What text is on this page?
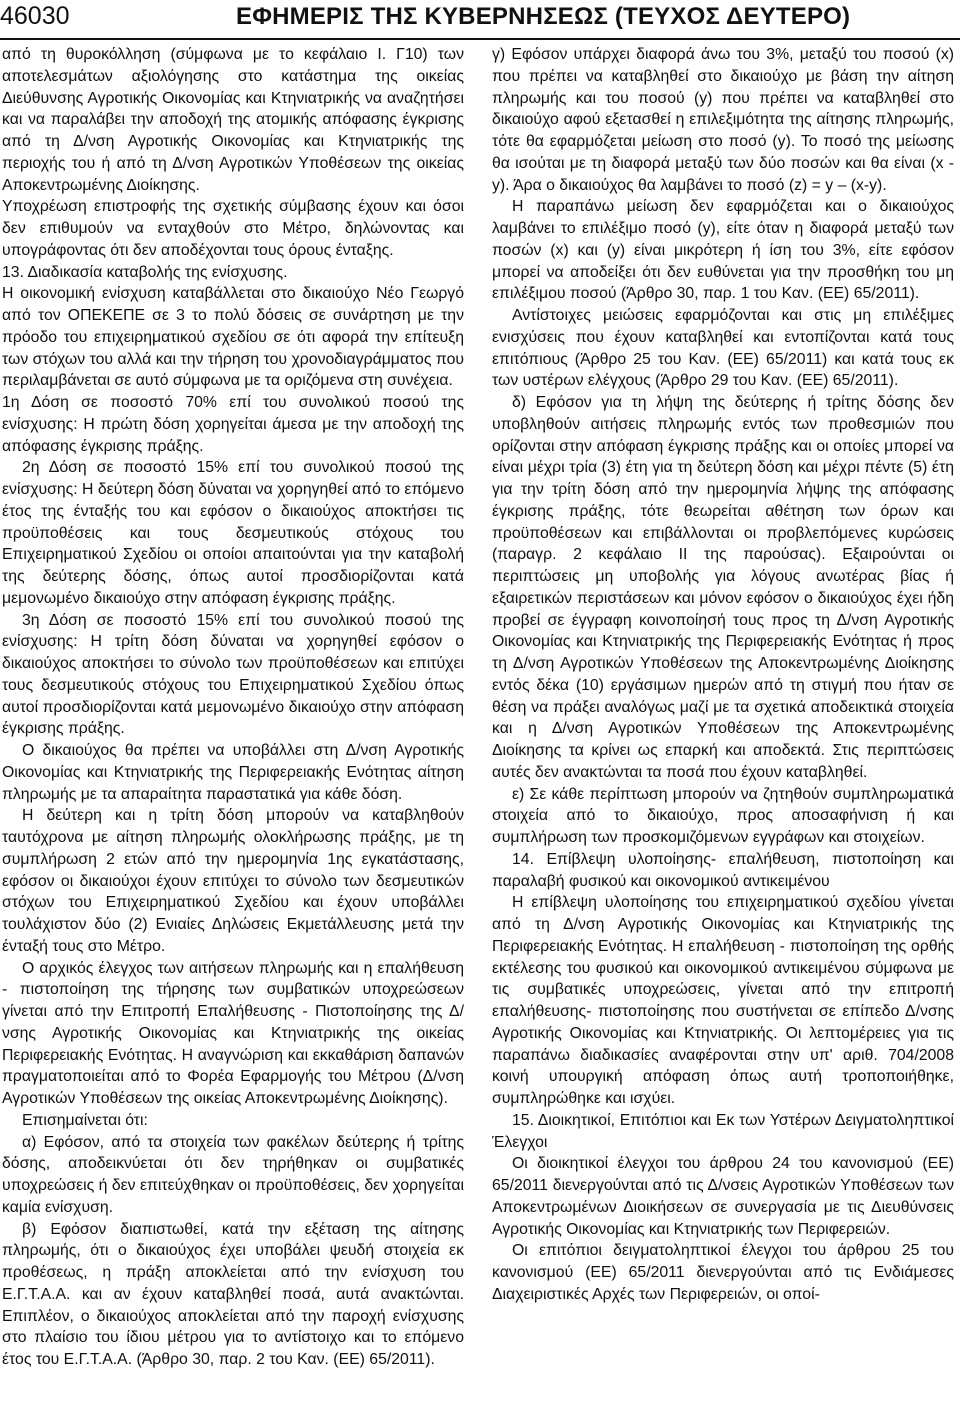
46030	ΕΦΗΜΕΡΙΣ ΤΗΣ ΚΥΒΕΡΝΗΣΕΩΣ (ΤΕΥΧΟΣ ΔΕΥΤΕΡΟ)

από τη θυροκόλληση (σύμφωνα με το κεφάλαιο Ι. Γ10) των αποτελεσμάτων αξιολόγησης στο κατάστημα της οικείας Διεύθυνσης Αγροτικής Οικονομίας και Κτηνιατρικής να αναζητήσει και να παραλάβει την αποδοχή της ατομικής απόφασης έγκρισης από τη Δ/νση Αγροτικής Οικονομίας και Κτηνιατρικής της περιοχής του ή από τη Δ/νση Αγροτικών Υποθέσεων της οικείας Αποκεντρωμένης Διοίκησης.

Υποχρέωση επιστροφής της σχετικής σύμβασης έχουν και όσοι δεν επιθυμούν να ενταχθούν στο Μέτρο, δηλώνοντας και υπογράφοντας ότι δεν αποδέχονται τους όρους ένταξης.

13. Διαδικασία καταβολής της ενίσχυσης.

Η οικονομική ενίσχυση καταβάλλεται στο δικαιούχο Νέο Γεωργό από τον ΟΠΕΚΕΠΕ σε 3 το πολύ δόσεις σε συνάρτηση με την πρόοδο του επιχειρηματικού σχεδίου σε ότι αφορά την επίτευξη των στόχων του αλλά και την τήρηση του χρονοδιαγράμματος που περιλαμβάνεται σε αυτό σύμφωνα με τα οριζόμενα στη συνέχεια.

1η Δόση σε ποσοστό 70% επί του συνολικού ποσού της ενίσχυσης: Η πρώτη δόση χορηγείται άμεσα με την αποδοχή της απόφασης έγκρισης πράξης.

2η Δόση σε ποσοστό 15% επί του συνολικού ποσού της ενίσχυσης: Η δεύτερη δόση δύναται να χορηγηθεί από το επόμενο έτος της ένταξής του και εφόσον ο δικαιούχος αποκτήσει τις προϋποθέσεις και τους δεσμευτικούς στόχους του Επιχειρηματικού Σχεδίου οι οποίοι απαιτούνται για την καταβολή της δεύτερης δόσης, όπως αυτοί προσδιορίζονται κατά μεμονωμένο δικαιούχο στην απόφαση έγκρισης πράξης.

3η Δόση σε ποσοστό 15% επί του συνολικού ποσού της ενίσχυσης: Η τρίτη δόση δύναται να χορηγηθεί εφόσον ο δικαιούχος αποκτήσει το σύνολο των προϋποθέσεων και επιτύχει τους δεσμευτικούς στόχους του Επιχειρηματικού Σχεδίου όπως αυτοί προσδιορίζονται κατά μεμονωμένο δικαιούχο στην απόφαση έγκρισης πράξης.

Ο δικαιούχος θα πρέπει να υποβάλλει στη Δ/νση Αγροτικής Οικονομίας και Κτηνιατρικής της Περιφερειακής Ενότητας αίτηση πληρωμής με τα απαραίτητα παραστατικά για κάθε δόση.

Η δεύτερη και η τρίτη δόση μπορούν να καταβληθούν ταυτόχρονα με αίτηση πληρωμής ολοκλήρωσης πράξης, με τη συμπλήρωση 2 ετών από την ημερομηνία 1ης εγκατάστασης, εφόσον οι δικαιούχοι έχουν επιτύχει το σύνολο των δεσμευτικών στόχων του Επιχειρηματικού Σχεδίου και έχουν υποβάλλει τουλάχιστον δύο (2) Ενιαίες Δηλώσεις Εκμετάλλευσης μετά την ένταξή τους στο Μέτρο.

Ο αρχικός έλεγχος των αιτήσεων πληρωμής και η επαλήθευση - πιστοποίηση της τήρησης των συμβατικών υποχρεώσεων γίνεται από την Επιτροπή Επαλήθευσης - Πιστοποίησης της Δ/νσης Αγροτικής Οικονομίας και Κτηνιατρικής της οικείας Περιφερειακής Ενότητας. Η αναγνώριση και εκκαθάριση δαπανών πραγματοποιείται από το Φορέα Εφαρμογής του Μέτρου (Δ/νση Αγροτικών Υποθέσεων της οικείας Αποκεντρωμένης Διοίκησης).

Επισημαίνεται ότι:

α) Εφόσον, από τα στοιχεία των φακέλων δεύτερης ή τρίτης δόσης, αποδεικνύεται ότι δεν τηρήθηκαν οι συμβατικές υποχρεώσεις ή δεν επιτεύχθηκαν οι προϋποθέσεις, δεν χορηγείται καμία ενίσχυση.

β) Εφόσον διαπιστωθεί, κατά την εξέταση της αίτησης πληρωμής, ότι ο δικαιούχος έχει υποβάλει ψευδή στοιχεία εκ προθέσεως, η πράξη αποκλείεται από την ενίσχυση του Ε.Γ.Τ.Α.Α. και αν έχουν καταβληθεί ποσά, αυτά ανακτώνται. Επιπλέον, ο δικαιούχος αποκλείεται από την παροχή ενίσχυσης στο πλαίσιο του ίδιου μέτρου για το αντίστοιχο και το επόμενο έτος του Ε.Γ.Τ.Α.Α. (Άρθρο 30, παρ. 2 του Καν. (ΕΕ) 65/2011).

γ) Εφόσον υπάρχει διαφορά άνω του 3%, μεταξύ του ποσού (x) που πρέπει να καταβληθεί στο δικαιούχο με βάση την αίτηση πληρωμής και του ποσού (y) που πρέπει να καταβληθεί στο δικαιούχο αφού εξετασθεί η επιλεξιμότητα της αίτησης πληρωμής, τότε θα εφαρμόζεται μείωση στο ποσό (y). Το ποσό της μείωσης θα ισούται με τη διαφορά μεταξύ των δύο ποσών και θα είναι (x - y). Άρα ο δικαιούχος θα λαμβάνει το ποσό (z) = y – (x-y).

Η παραπάνω μείωση δεν εφαρμόζεται και ο δικαιούχος λαμβάνει το επιλέξιμο ποσό (y), είτε όταν η διαφορά μεταξύ των ποσών (x) και (y) είναι μικρότερη ή ίση του 3%, είτε εφόσον μπορεί να αποδείξει ότι δεν ευθύνεται για την προσθήκη του μη επιλέξιμου ποσού (Άρθρο 30, παρ. 1 του Καν. (ΕΕ) 65/2011).

Αντίστοιχες μειώσεις εφαρμόζονται και στις μη επιλέξιμες ενισχύσεις που έχουν καταβληθεί και εντοπίζονται κατά τους επιτόπιους (Άρθρο 25 του Καν. (ΕΕ) 65/2011) και κατά τους εκ των υστέρων ελέγχους (Άρθρο 29 του Καν. (ΕΕ) 65/2011).

δ) Εφόσον για τη λήψη της δεύτερης ή τρίτης δόσης δεν υποβληθούν αιτήσεις πληρωμής εντός των προθεσμιών που ορίζονται στην απόφαση έγκρισης πράξης και οι οποίες μπορεί να είναι μέχρι τρία (3) έτη για τη δεύτερη δόση και μέχρι πέντε (5) έτη για την τρίτη δόση από την ημερομηνία λήψης της απόφασης έγκρισης πράξης, τότε θεωρείται αθέτηση των όρων και προϋποθέσεων και επιβάλλονται οι προβλεπόμενες κυρώσεις (παραγρ. 2 κεφάλαιο ΙΙ της παρούσας). Εξαιρούνται οι περιπτώσεις μη υποβολής για λόγους ανωτέρας βίας ή εξαιρετικών περιστάσεων και μόνον εφόσον ο δικαιούχος έχει ήδη προβεί σε έγγραφη κοινοποίησή τους προς τη Δ/νση Αγροτικής Οικονομίας και Κτηνιατρικής της Περιφερειακής Ενότητας ή προς τη Δ/νση Αγροτικών Υποθέσεων της Αποκεντρωμένης Διοίκησης εντός δέκα (10) εργάσιμων ημερών από τη στιγμή που ήταν σε θέση να πράξει αναλόγως μαζί με τα σχετικά αποδεικτικά στοιχεία και η Δ/νση Αγροτικών Υποθέσεων της Αποκεντρωμένης Διοίκησης τα κρίνει ως επαρκή και αποδεκτά. Στις περιπτώσεις αυτές δεν ανακτώνται τα ποσά που έχουν καταβληθεί.

ε) Σε κάθε περίπτωση μπορούν να ζητηθούν συμπληρωματικά στοιχεία από το δικαιούχο, προς αποσαφήνιση ή και συμπλήρωση των προσκομιζόμενων εγγράφων και στοιχείων.

14. Επίβλεψη υλοποίησης- επαλήθευση, πιστοποίηση και παραλαβή φυσικού και οικονομικού αντικειμένου

Η επίβλεψη υλοποίησης του επιχειρηματικού σχεδίου γίνεται από τη Δ/νση Αγροτικής Οικονομίας και Κτηνιατρικής της Περιφερειακής Ενότητας. Η επαλήθευση - πιστοποίηση της ορθής εκτέλεσης του φυσικού και οικονομικού αντικειμένου σύμφωνα με τις συμβατικές υποχρεώσεις, γίνεται από την επιτροπή επαλήθευσης- πιστοποίησης που συστήνεται σε επίπεδο Δ/νσης Αγροτικής Οικονομίας και Κτηνιατρικής. Οι λεπτομέρειες για τις παραπάνω διαδικασίες αναφέρονται στην υπ' αριθ. 704/2008 κοινή υπουργική απόφαση όπως αυτή τροποποιήθηκε, συμπληρώθηκε και ισχύει.

15. Διοικητικοί, Επιτόπιοι και Εκ των Υστέρων Δειγματοληπτικοί Έλεγχοι

Οι διοικητικοί έλεγχοι του άρθρου 24 του κανονισμού (ΕΕ) 65/2011 διενεργούνται από τις Δ/νσεις Αγροτικών Υποθέσεων των Αποκεντρωμένων Διοικήσεων σε συνεργασία με τις Διευθύνσεις Αγροτικής Οικονομίας και Κτηνιατρικής των Περιφερειών.

Οι επιτόπιοι δειγματοληπτικοί έλεγχοι του άρθρου 25 του κανονισμού (ΕΕ) 65/2011 διενεργούνται από τις Ενδιάμεσες Διαχειριστικές Αρχές των Περιφερειών, οι οποί-
